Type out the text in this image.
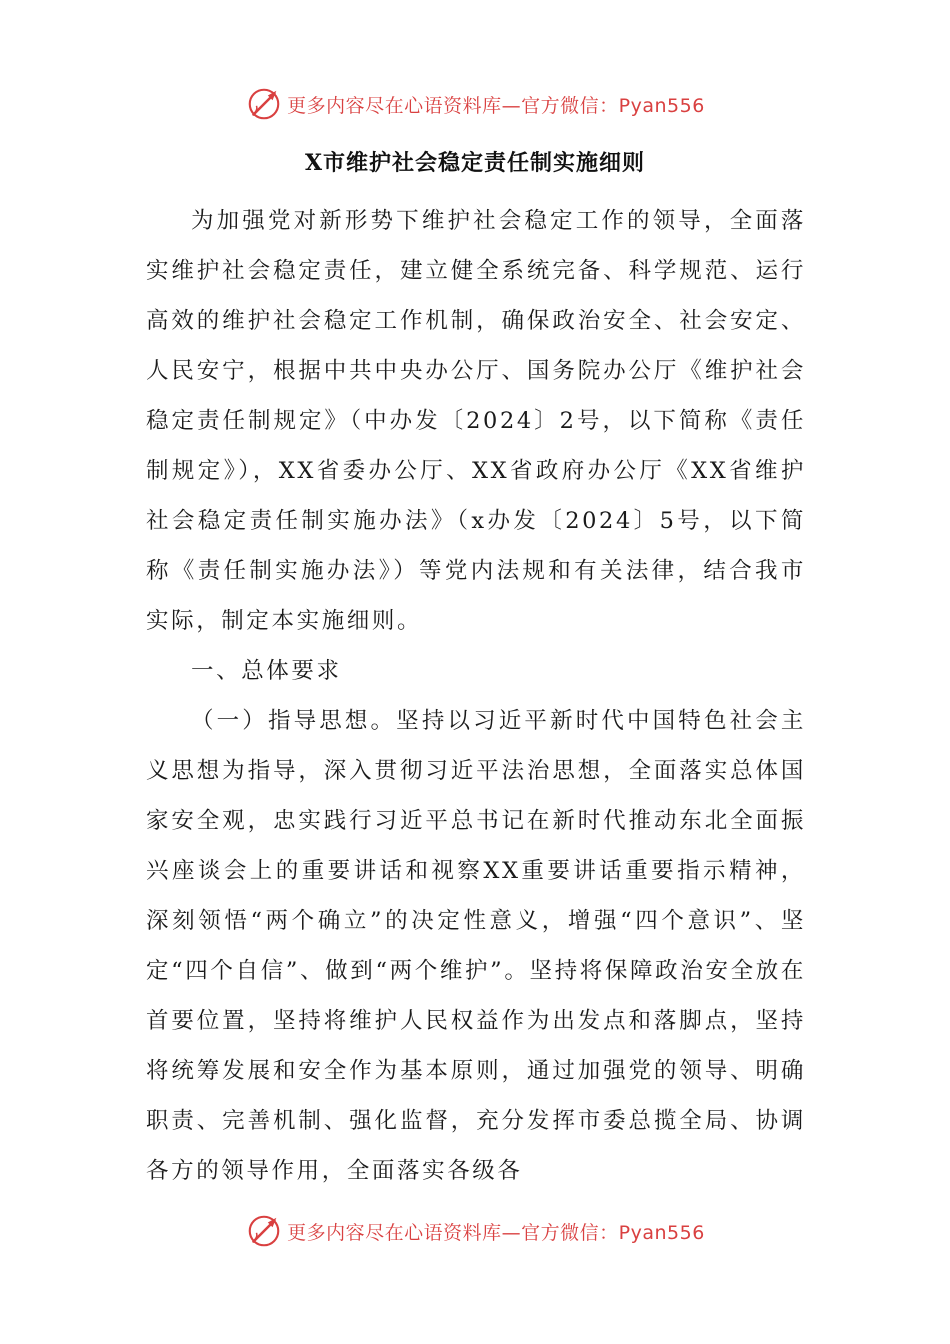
更多内容尽在心语资料库—官方微信：Pyan556
X市维护社会稳定责任制实施细则

为加强党对新形势下维护社会稳定工作的领导，全面落实维护社会稳定责任，建立健全系统完备、科学规范、运行高效的维护社会稳定工作机制，确保政治安全、社会安定、人民安宁，根据中共中央办公厅、国务院办公厅《维护社会稳定责任制规定》（中办发〔2024〕2号，以下简称《责任制规定》），XX省委办公厅、XX省政府办公厅《XX省维护社会稳定责任制实施办法》（x办发〔2024〕5号，以下简称《责任制实施办法》）等党内法规和有关法律，结合我市实际，制定本实施细则。

一、总体要求

（一）指导思想。坚持以习近平新时代中国特色社会主义思想为指导，深入贯彻习近平法治思想，全面落实总体国家安全观，忠实践行习近平总书记在新时代推动东北全面振兴座谈会上的重要讲话和视察XX重要讲话重要指示精神，深刻领悟“两个确立”的决定性意义，增强“四个意识”、坚定“四个自信”、做到“两个维护”。坚持将保障政治安全放在首要位置，坚持将维护人民权益作为出发点和落脚点，坚持将统筹发展和安全作为基本原则，通过加强党的领导、明确职责、完善机制、强化监督，充分发挥市委总揽全局、协调各方的领导作用，全面落实各级各

更多内容尽在心语资料库—官方微信：Pyan556
